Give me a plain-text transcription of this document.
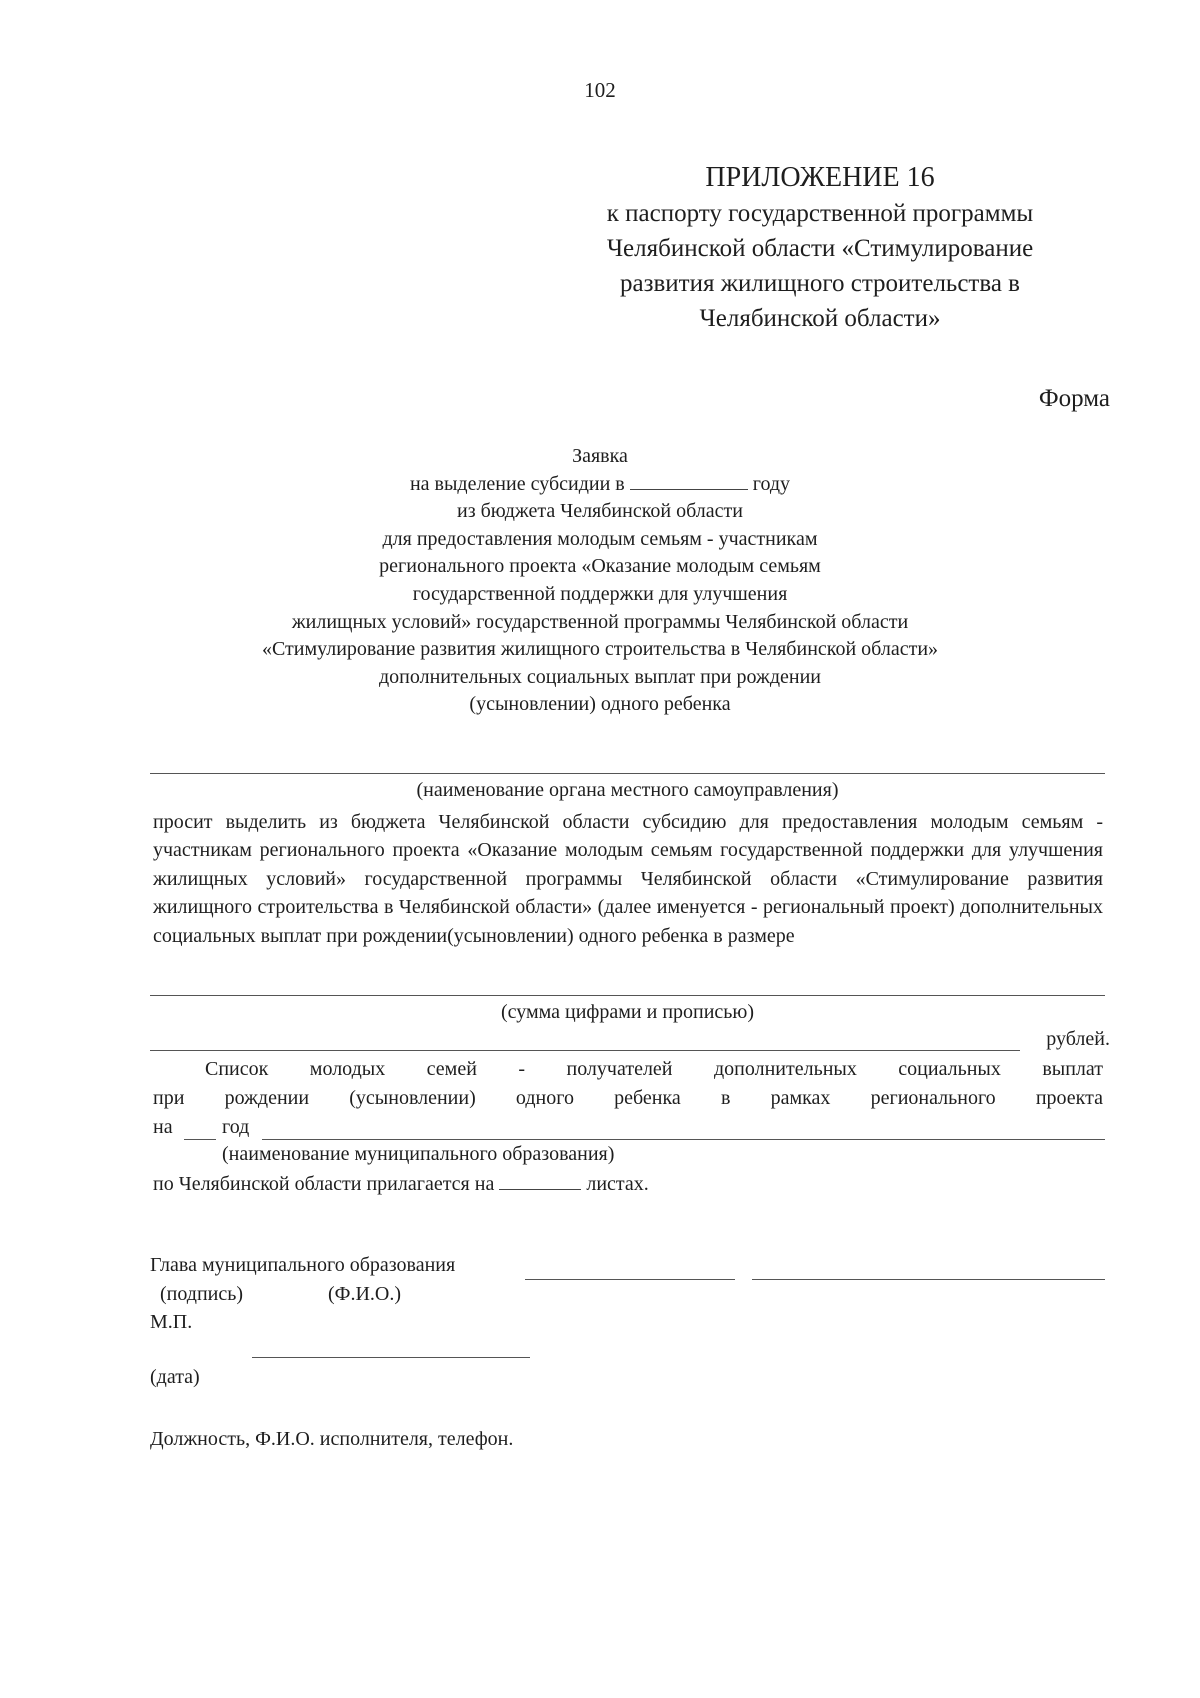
102
ПРИЛОЖЕНИЕ 16
к паспорту государственной программы
Челябинской области «Стимулирование
развития жилищного строительства в
Челябинской области»
Форма
Заявка
на выделение субсидии в	году
из бюджета Челябинской области
для предоставления молодым семьям - участникам
регионального проекта «Оказание молодым семьям
государственной поддержки для улучшения
жилищных условий» государственной программы Челябинской области
«Стимулирование развития жилищного строительства в Челябинской области»
дополнительных социальных выплат при рождении
(усыновлении) одного ребенка
(наименование органа местного самоуправления)

просит выделить из бюджета Челябинской области субсидию для предоставления молодым семьям - участникам регионального проекта «Оказание молодым семьям государственной поддержки для улучшения жилищных условий» государственной программы Челябинской области «Стимулирование развития жилищного строительства в Челябинской области» (далее именуется - региональный проект) дополнительных социальных выплат при рождении(усыновлении) одного ребенка в размере

(сумма цифрами и прописью)
рублей.
Список молодых семей - получателей дополнительных социальных выплат
при рождении (усыновлении) одного ребенка в рамках регионального проекта
на год
(наименование муниципального образования)
по Челябинской области прилагается на	листах.
Глава муниципального образования
(подпись)	(Ф.И.О.)
М.П.
(дата)
Должность, Ф.И.О. исполнителя, телефон.
